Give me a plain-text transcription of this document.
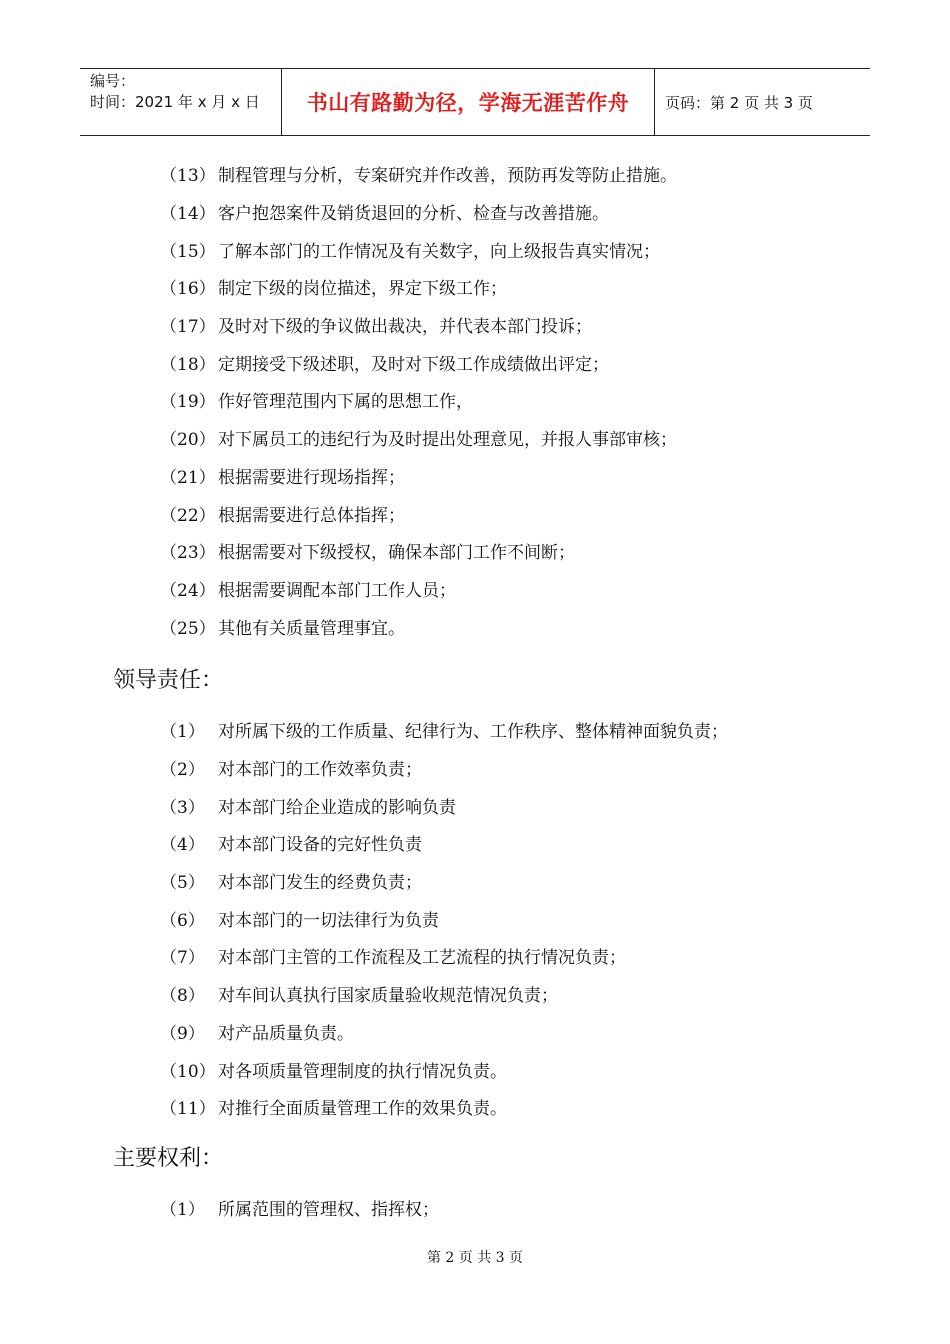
编号：
时间：2021 年 x 月 x 日	书山有路勤为径，学海无涯苦作舟	页码：第 2 页 共 3 页
（13） 制程管理与分析，专案研究并作改善，预防再发等防止措施。
（14） 客户抱怨案件及销货退回的分析、检查与改善措施。
（15） 了解本部门的工作情况及有关数字，向上级报告真实情况；
（16） 制定下级的岗位描述，界定下级工作；
（17） 及时对下级的争议做出裁决，并代表本部门投诉；
（18） 定期接受下级述职，及时对下级工作成绩做出评定；
（19） 作好管理范围内下属的思想工作，
（20） 对下属员工的违纪行为及时提出处理意见，并报人事部审核；
（21） 根据需要进行现场指挥；
（22） 根据需要进行总体指挥；
（23） 根据需要对下级授权，确保本部门工作不间断；
（24） 根据需要调配本部门工作人员；
（25） 其他有关质量管理事宜。
领导责任：
（1） 对所属下级的工作质量、纪律行为、工作秩序、整体精神面貌负责；
（2） 对本部门的工作效率负责；
（3） 对本部门给企业造成的影响负责
（4） 对本部门设备的完好性负责
（5） 对本部门发生的经费负责；
（6） 对本部门的一切法律行为负责
（7） 对本部门主管的工作流程及工艺流程的执行情况负责；
（8） 对车间认真执行国家质量验收规范情况负责；
（9） 对产品质量负责。
（10） 对各项质量管理制度的执行情况负责。
（11） 对推行全面质量管理工作的效果负责。
主要权利：
（1） 所属范围的管理权、指挥权；
第 2 页 共 3 页
